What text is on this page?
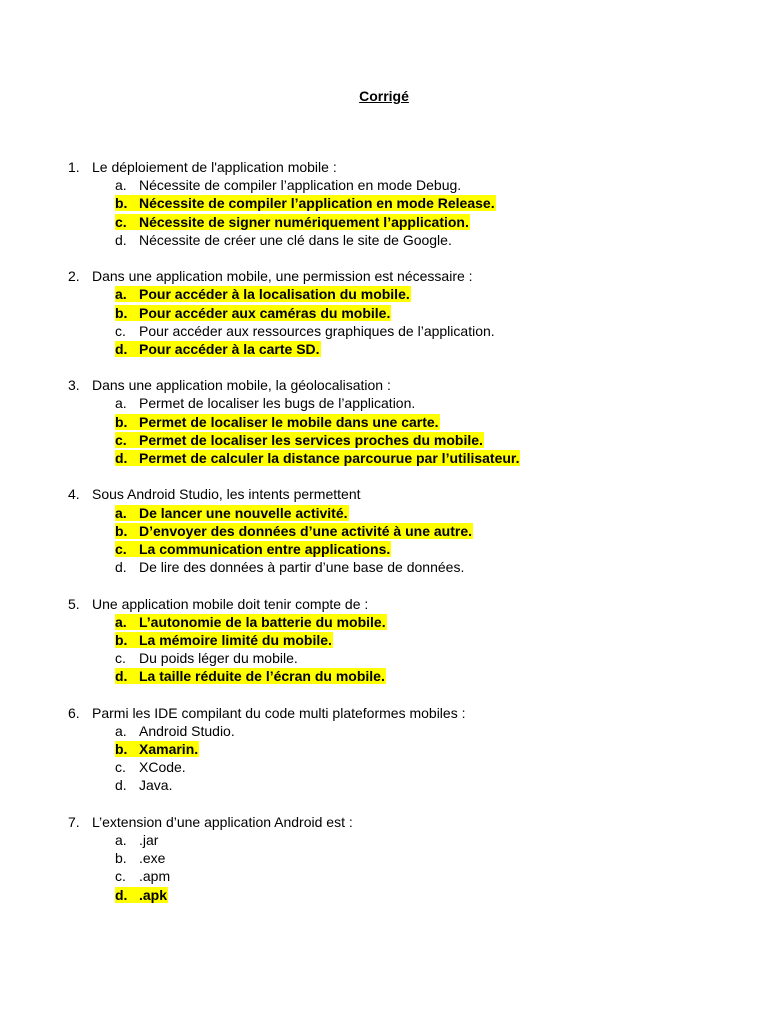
Corrigé
1. Le déploiement de l'application mobile :
a. Nécessite de compiler l’application en mode Debug.
b. Nécessite de compiler l’application en mode Release.
c. Nécessite de signer numériquement l’application.
d. Nécessite de créer une clé dans le site de Google.
2. Dans une application mobile, une permission est nécessaire :
a. Pour accéder à la localisation du mobile.
b. Pour accéder aux caméras du mobile.
c. Pour accéder aux ressources graphiques de l’application.
d. Pour accéder à la carte SD.
3. Dans une application mobile, la géolocalisation :
a. Permet de localiser les bugs de l’application.
b. Permet de localiser le mobile dans une carte.
c. Permet de localiser les services proches du mobile.
d. Permet de calculer la distance parcourue par l’utilisateur.
4. Sous Android Studio, les intents permettent
a. De lancer une nouvelle activité.
b. D’envoyer des données d’une activité à une autre.
c. La communication entre applications.
d. De lire des données à partir d’une base de données.
5. Une application mobile doit tenir compte de :
a. L’autonomie de la batterie du mobile.
b. La mémoire limité du mobile.
c. Du poids léger du mobile.
d. La taille réduite de l’écran du mobile.
6. Parmi les IDE compilant du code multi plateformes mobiles :
a. Android Studio.
b. Xamarin.
c. XCode.
d. Java.
7. L’extension d’une application Android est :
a. .jar
b. .exe
c. .apm
d. .apk
